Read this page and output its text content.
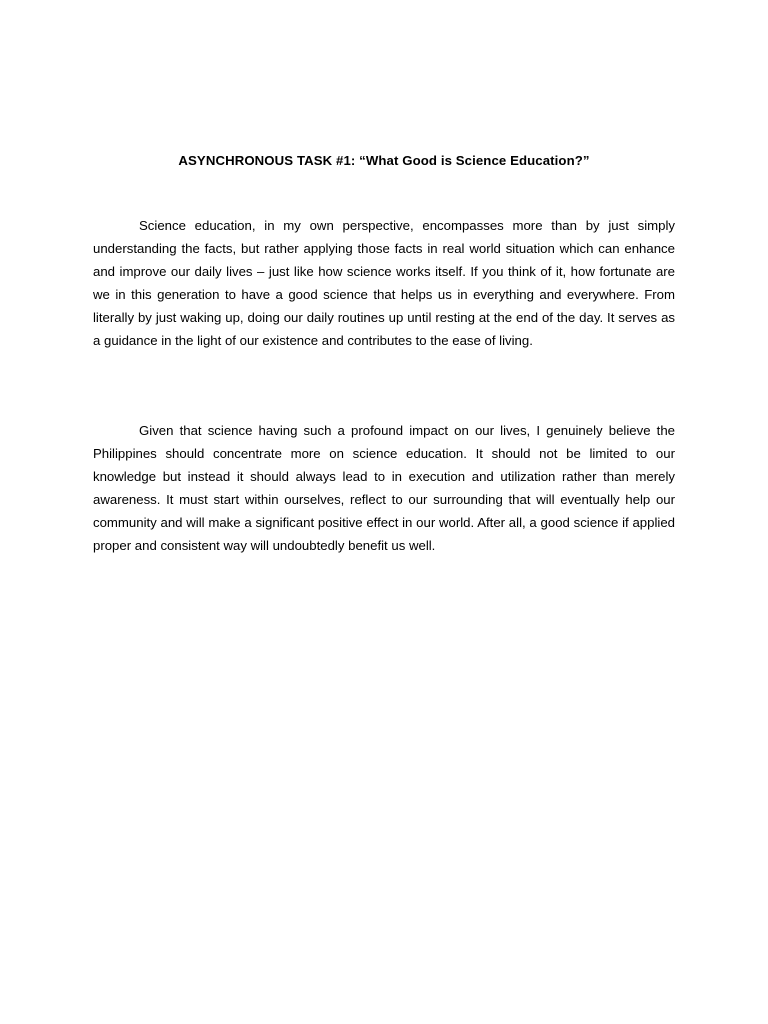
ASYNCHRONOUS TASK #1: “What Good is Science Education?”

Science education, in my own perspective, encompasses more than by just simply understanding the facts, but rather applying those facts in real world situation which can enhance and improve our daily lives – just like how science works itself. If you think of it, how fortunate are we in this generation to have a good science that helps us in everything and everywhere. From literally by just waking up, doing our daily routines up until resting at the end of the day. It serves as a guidance in the light of our existence and contributes to the ease of living.

Given that science having such a profound impact on our lives, I genuinely believe the Philippines should concentrate more on science education. It should not be limited to our knowledge but instead it should always lead to in execution and utilization rather than merely awareness. It must start within ourselves, reflect to our surrounding that will eventually help our community and will make a significant positive effect in our world. After all, a good science if applied proper and consistent way will undoubtedly benefit us well.
